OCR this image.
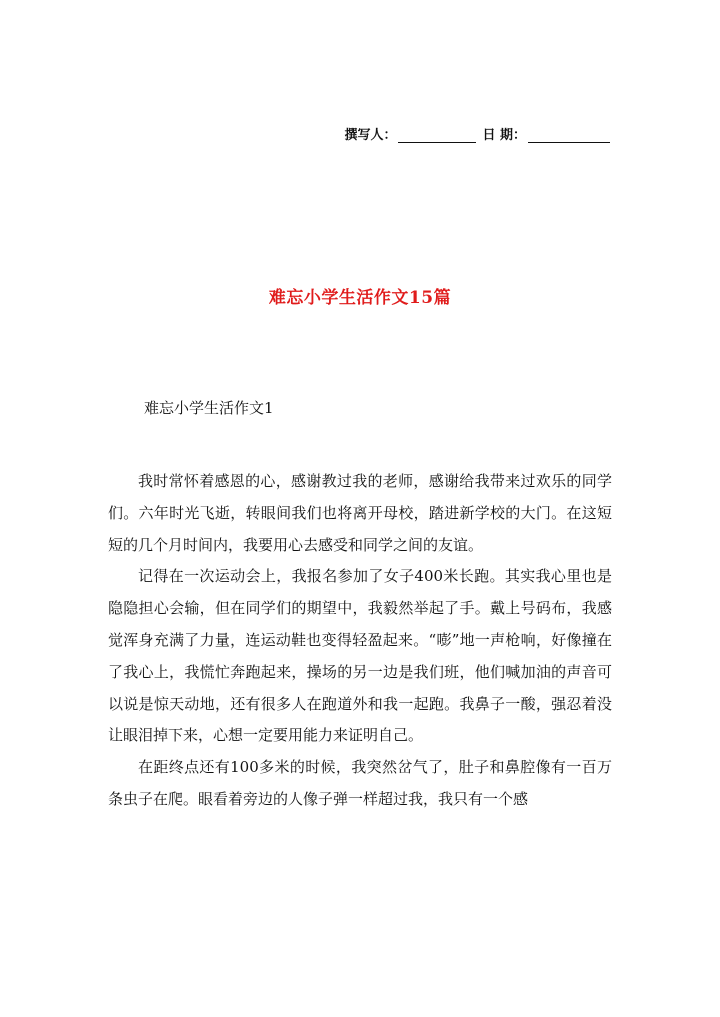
撰写人：	日 期：
难忘小学生活作文15篇
难忘小学生活作文1

我时常怀着感恩的心，感谢教过我的老师，感谢给我带来过欢乐的同学们。六年时光飞逝，转眼间我们也将离开母校，踏进新学校的大门。在这短短的几个月时间内，我要用心去感受和同学之间的友谊。

记得在一次运动会上，我报名参加了女子400米长跑。其实我心里也是隐隐担心会输，但在同学们的期望中，我毅然举起了手。戴上号码布，我感觉浑身充满了力量，连运动鞋也变得轻盈起来。“嘭”地一声枪响，好像撞在了我心上，我慌忙奔跑起来，操场的另一边是我们班，他们喊加油的声音可以说是惊天动地，还有很多人在跑道外和我一起跑。我鼻子一酸，强忍着没让眼泪掉下来，心想一定要用能力来证明自己。

在距终点还有100多米的时候，我突然岔气了，肚子和鼻腔像有一百万条虫子在爬。眼看着旁边的人像子弹一样超过我，我只有一个感
